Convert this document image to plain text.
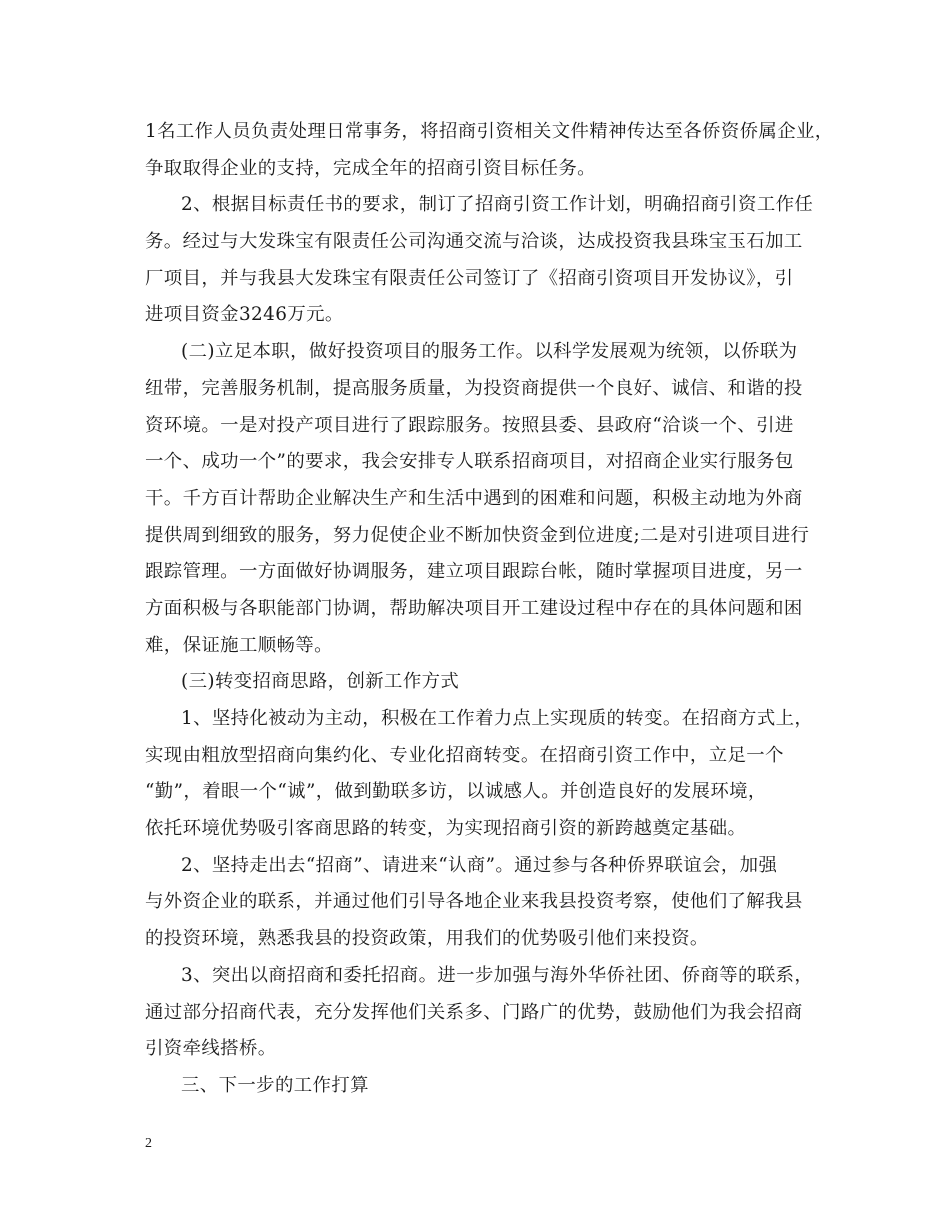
1名工作人员负责处理日常事务，将招商引资相关文件精神传达至各侨资侨属企业，
争取取得企业的支持，完成全年的招商引资目标任务。
2、根据目标责任书的要求，制订了招商引资工作计划，明确招商引资工作任
务。经过与大发珠宝有限责任公司沟通交流与洽谈，达成投资我县珠宝玉石加工
厂项目，并与我县大发珠宝有限责任公司签订了《招商引资项目开发协议》，引
进项目资金3246万元。
(二)立足本职，做好投资项目的服务工作。以科学发展观为统领，以侨联为
纽带，完善服务机制，提高服务质量，为投资商提供一个良好、诚信、和谐的投
资环境。一是对投产项目进行了跟踪服务。按照县委、县政府“洽谈一个、引进
一个、成功一个”的要求，我会安排专人联系招商项目，对招商企业实行服务包
干。千方百计帮助企业解决生产和生活中遇到的困难和问题，积极主动地为外商
提供周到细致的服务，努力促使企业不断加快资金到位进度;二是对引进项目进行
跟踪管理。一方面做好协调服务，建立项目跟踪台帐，随时掌握项目进度，另一
方面积极与各职能部门协调，帮助解决项目开工建设过程中存在的具体问题和困
难，保证施工顺畅等。
(三)转变招商思路，创新工作方式
1、坚持化被动为主动，积极在工作着力点上实现质的转变。在招商方式上，
实现由粗放型招商向集约化、专业化招商转变。在招商引资工作中，立足一个
“勤”，着眼一个“诚”，做到勤联多访，以诚感人。并创造良好的发展环境，
依托环境优势吸引客商思路的转变，为实现招商引资的新跨越奠定基础。
2、坚持走出去“招商”、请进来“认商”。通过参与各种侨界联谊会，加强
与外资企业的联系，并通过他们引导各地企业来我县投资考察，使他们了解我县
的投资环境，熟悉我县的投资政策，用我们的优势吸引他们来投资。
3、突出以商招商和委托招商。进一步加强与海外华侨社团、侨商等的联系，
通过部分招商代表，充分发挥他们关系多、门路广的优势，鼓励他们为我会招商
引资牵线搭桥。
三、下一步的工作打算
2
